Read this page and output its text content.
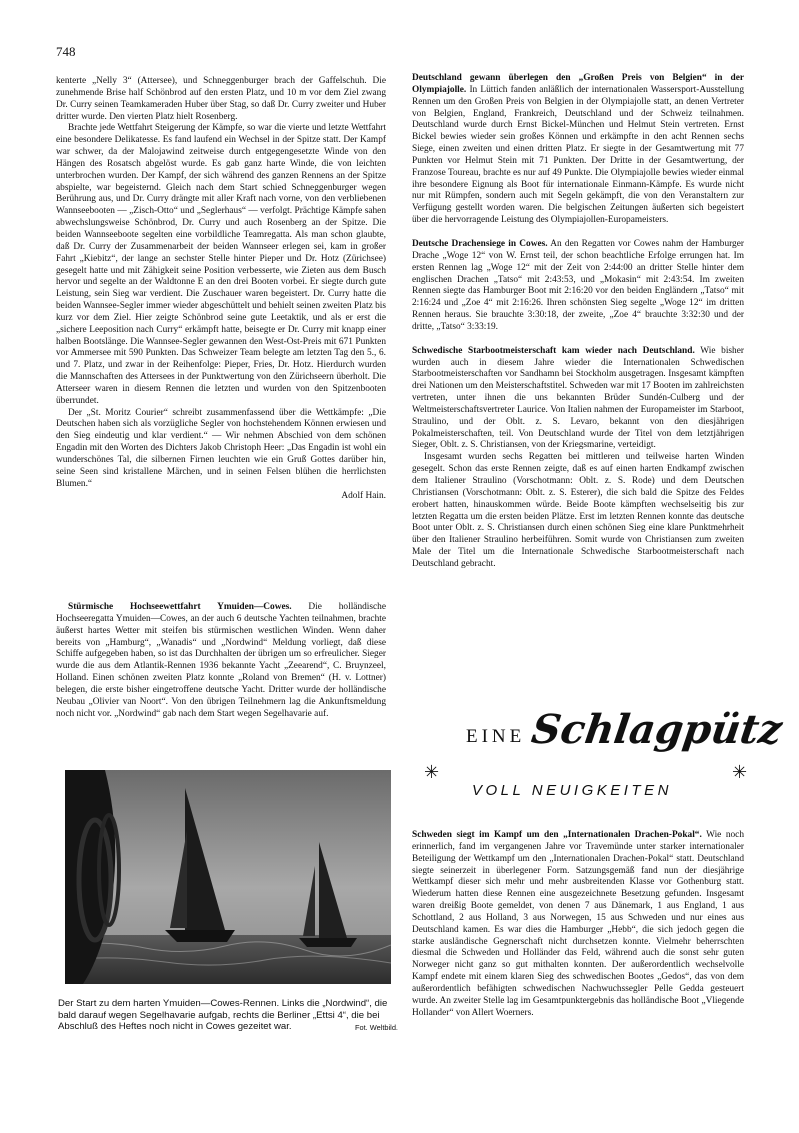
748

kenterte „Nelly 3“ (Attersee), und Schneggenburger brach der Gaffelschuh. Die zunehmende Brise half Schönbrod auf den ersten Platz, und 10 m vor dem Ziel zwang Dr. Curry seinen Teamkameraden Huber über Stag, so daß Dr. Curry zweiter und Huber dritter wurde. Den vierten Platz hielt Rosenberg.

Brachte jede Wettfahrt Steigerung der Kämpfe, so war die vierte und letzte Wettfahrt eine besondere Delikatesse. Es fand laufend ein Wechsel in der Spitze statt. Der Kampf war schwer, da der Malojawind zeitweise durch entgegengesetzte Winde von den Hängen des Rosatsch abgelöst wurde. Es gab ganz harte Winde, die von leichten unterbrochen wurden. Der Kampf, der sich während des ganzen Rennens an der Spitze abspielte, war begeisternd. Gleich nach dem Start schied Schneggenburger wegen Berührung aus, und Dr. Curry drängte mit aller Kraft nach vorne, von den verbliebenen Wannseebooten — „Zisch-Otto“ und „Seglerhaus“ — verfolgt. Prächtige Kämpfe sahen abwechslungsweise Schönbrod, Dr. Curry und auch Rosenberg an der Spitze. Die beiden Wannseeboote segelten eine vorbildliche Teamregatta. Als man schon glaubte, daß Dr. Curry der Zusammenarbeit der beiden Wannseer erlegen sei, kam in großer Fahrt „Kiebitz“, der lange an sechster Stelle hinter Pieper und Dr. Hotz (Zürichsee) gesegelt hatte und mit Zähigkeit seine Position verbesserte, wie Zieten aus dem Busch hervor und segelte an der Waldtonne E an den drei Booten vorbei. Er siegte durch gute Leistung, sein Sieg war verdient. Die Zuschauer waren begeistert. Dr. Curry hatte die beiden Wannsee-Segler immer wieder abgeschüttelt und behielt seinen zweiten Platz bis kurz vor dem Ziel. Hier zeigte Schönbrod seine gute Leetaktik, und als er erst die „sichere Leeposition nach Curry“ erkämpft hatte, beisegte er Dr. Curry mit knapp einer halben Bootslänge. Die Wannsee-Segler gewannen den West-Ost-Preis mit 671 Punkten vor Ammersee mit 590 Punkten. Das Schweizer Team belegte am letzten Tag den 5., 6. und 7. Platz, und zwar in der Reihenfolge: Pieper, Fries, Dr. Hotz. Hierdurch wurden die Mannschaften des Attersees in der Punktwertung von den Zürichseern überholt. Die Atterseer waren in diesem Rennen die letzten und wurden von den Spitzenbooten überrundet.

Der „St. Moritz Courier“ schreibt zusammenfassend über die Wettkämpfe: „Die Deutschen haben sich als vorzügliche Segler von hochstehendem Können erwiesen und den Sieg eindeutig und klar verdient.“ — Wir nehmen Abschied von dem schönen Engadin mit den Worten des Dichters Jakob Christoph Heer: „Das Engadin ist wohl ein wunderschönes Tal, die silbernen Firnen leuchten wie ein Gruß Gottes darüber hin, seine Seen sind kristallene Märchen, und in seinen Felsen blühen die herrlichsten Blumen.“

Adolf Hain.

Stürmische Hochseewettfahrt Ymuiden—Cowes. Die holländische Hochseeregatta Ymuiden—Cowes, an der auch 6 deutsche Yachten teilnahmen, brachte äußerst hartes Wetter mit steifen bis stürmischen westlichen Winden. Wenn daher bereits von „Hamburg“, „Wanadis“ und „Nordwind“ Meldung vorliegt, daß diese Schiffe aufgegeben haben, so ist das Durchhalten der übrigen um so erfreulicher. Sieger wurde die aus dem Atlantik-Rennen 1936 bekannte Yacht „Zeearend“, C. Bruynzeel, Holland. Einen schönen zweiten Platz konnte „Roland von Bremen“ (H. v. Lottner) belegen, die erste bisher eingetroffene deutsche Yacht. Dritter wurde der holländische Neubau „Olivier van Noort“. Von den übrigen Teilnehmern lag die Ankunftsmeldung noch nicht vor. „Nordwind“ gab nach dem Start wegen Segelhavarie auf.

Der Start zu dem harten Ymuiden—Cowes-Rennen. Links die „Nordwind“, die bald darauf wegen Segelhavarie aufgab, rechts die Berliner „Ettsi 4“, die bei Abschluß des Heftes noch nicht in Cowes gezeitet war.	Fot. Weltbild.

Deutschland gewann überlegen den „Großen Preis von Belgien“ in der Olympiajolle. In Lüttich fanden anläßlich der internationalen Wassersport-Ausstellung Rennen um den Großen Preis von Belgien in der Olympiajolle statt, an denen Vertreter von Belgien, England, Frankreich, Deutschland und der Schweiz teilnahmen. Deutschland wurde durch Ernst Bickel-München und Helmut Stein vertreten. Ernst Bickel bewies wieder sein großes Können und erkämpfte in den acht Rennen sechs Siege, einen zweiten und einen dritten Platz. Er siegte in der Gesamtwertung mit 77 Punkten vor Helmut Stein mit 71 Punkten. Der Dritte in der Gesamtwertung, der Franzose Toureau, brachte es nur auf 49 Punkte. Die Olympiajolle bewies wieder einmal ihre besondere Eignung als Boot für internationale Einmann-Kämpfe. Es wurde nicht nur mit Rümpfen, sondern auch mit Segeln gekämpft, die von den Veranstaltern zur Verfügung gestellt worden waren. Die belgischen Zeitungen äußerten sich begeistert über die hervorragende Leistung des Olympiajollen-Europameisters.

Deutsche Drachensiege in Cowes. An den Regatten vor Cowes nahm der Hamburger Drache „Woge 12“ von W. Ernst teil, der schon beachtliche Erfolge errungen hat. Im ersten Rennen lag „Woge 12“ mit der Zeit von 2:44:00 an dritter Stelle hinter dem englischen Drachen „Tatso“ mit 2:43:53, und „Mokasin“ mit 2:43:54. Im zweiten Rennen siegte das Hamburger Boot mit 2:16:20 vor den beiden Engländern „Tatso“ mit 2:16:24 und „Zoe 4“ mit 2:16:26. Ihren schönsten Sieg segelte „Woge 12“ im dritten Rennen heraus. Sie brauchte 3:30:18, der zweite, „Zoe 4“ brauchte 3:32:30 und der dritte, „Tatso“ 3:33:19.

Schwedische Starbootmeisterschaft kam wieder nach Deutschland. Wie bisher wurden auch in diesem Jahre wieder die Internationalen Schwedischen Starbootmeisterschaften vor Sandhamn bei Stockholm ausgetragen. Insgesamt kämpften drei Nationen um den Meisterschaftstitel. Schweden war mit 17 Booten im zahlreichsten vertreten, unter ihnen die uns bekannten Brüder Sundén-Culberg und der Weltmeisterschaftsvertreter Laurice. Von Italien nahmen der Europameister im Starboot, Straulino, und der Oblt. z. S. Levaro, bekannt von den diesjährigen Pokalmeisterschaften, teil. Von Deutschland wurde der Titel von dem letztjährigen Sieger, Oblt. z. S. Christiansen, von der Kriegsmarine, verteidigt.

Insgesamt wurden sechs Regatten bei mittleren und teilweise harten Winden gesegelt. Schon das erste Rennen zeigte, daß es auf einen harten Endkampf zwischen dem Italiener Straulino (Vorschotmann: Oblt. z. S. Rode) und dem Deutschen Christiansen (Vorschotmann: Oblt. z. S. Esterer), die sich bald die Spitze des Feldes erobert hatten, hinauskommen würde. Beide Boote kämpften wechselseitig bis zur letzten Regatta um die ersten beiden Plätze. Erst im letzten Rennen konnte das deutsche Boot unter Oblt. z. S. Christiansen durch einen schönen Sieg eine klare Punktmehrheit über den Italiener Straulino herbeiführen. Somit wurde von Christiansen zum zweiten Male der Titel um die Internationale Schwedische Starbootmeisterschaft nach Deutschland gebracht.

EINE Schlagpütz
✳	✳
VOLL NEUIGKEITEN

Schweden siegt im Kampf um den „Internationalen Drachen-Pokal“. Wie noch erinnerlich, fand im vergangenen Jahre vor Travemünde unter starker internationaler Beteiligung der Wettkampf um den „Internationalen Drachen-Pokal“ statt. Deutschland siegte seinerzeit in überlegener Form. Satzungsgemäß fand nun der diesjährige Wettkampf dieser sich mehr und mehr ausbreitenden Klasse vor Gothenburg statt. Wiederum hatten diese Rennen eine ausgezeichnete Besetzung gefunden. Insgesamt waren dreißig Boote gemeldet, von denen 7 aus Dänemark, 1 aus England, 1 aus Schottland, 2 aus Holland, 3 aus Norwegen, 15 aus Schweden und nur eines aus Deutschland kamen. Es war dies die Hamburger „Hebb“, die sich jedoch gegen die starke ausländische Gegnerschaft nicht durchsetzen konnte. Vielmehr beherrschten diesmal die Schweden und Holländer das Feld, während auch die sonst sehr guten Norweger nicht ganz so gut mithalten konnten. Der außerordentlich wechselvolle Kampf endete mit einem klaren Sieg des schwedischen Bootes „Gedos“, das von dem außerordentlich befähigten schwedischen Nachwuchssegler Pelle Gedda gesteuert wurde. An zweiter Stelle lag im Gesamtpunktergebnis das holländische Boot „Vliegende Hollander“ von Allert Woerners.
